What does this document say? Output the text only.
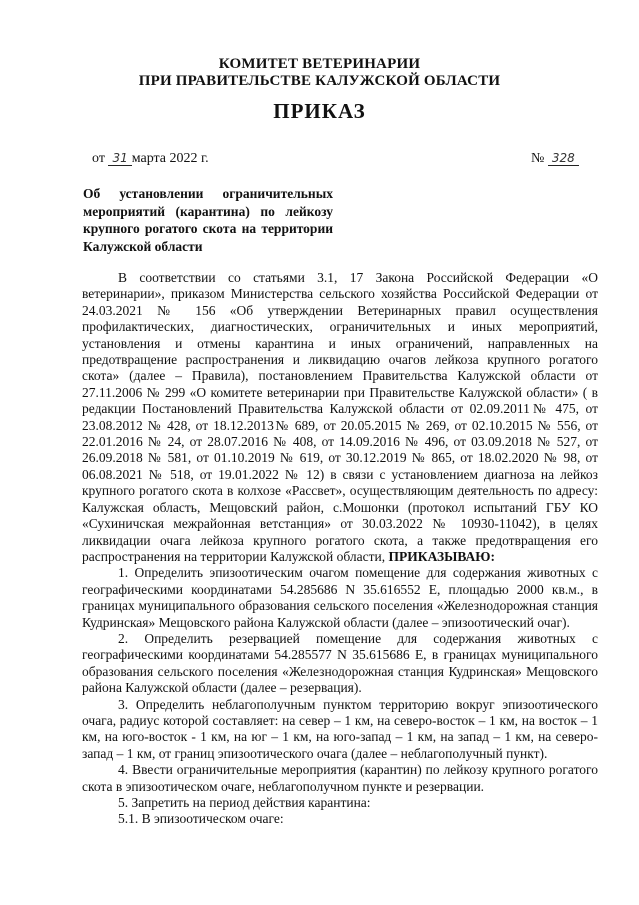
КОМИТЕТ ВЕТЕРИНАРИИ
ПРИ ПРАВИТЕЛЬСТВЕ КАЛУЖСКОЙ ОБЛАСТИ
ПРИКАЗ
от 31 марта 2022 г.	№ 328
Об установлении ограничительных мероприятий (карантина) по лейкозу крупного рогатого скота на территории Калужской области

В соответствии со статьями 3.1, 17 Закона Российской Федерации «О ветеринарии», приказом Министерства сельского хозяйства Российской Федерации от 24.03.2021 № 156 «Об утверждении Ветеринарных правил осуществления профилактических, диагностических, ограничительных и иных мероприятий, установления и отмены карантина и иных ограничений, направленных на предотвращение распространения и ликвидацию очагов лейкоза крупного рогатого скота» (далее – Правила), постановлением Правительства Калужской области от 27.11.2006 № 299 «О комитете ветеринарии при Правительстве Калужской области» ( в редакции Постановлений Правительства Калужской области от 02.09.2011№ 475, от 23.08.2012 № 428, от 18.12.2013№ 689, от 20.05.2015 № 269, от 02.10.2015 № 556, от 22.01.2016 № 24, от 28.07.2016 № 408, от 14.09.2016 № 496, от 03.09.2018 № 527, от 26.09.2018 № 581, от 01.10.2019 № 619, от 30.12.2019 № 865, от 18.02.2020 № 98, от 06.08.2021 № 518, от 19.01.2022 № 12) в связи с установлением диагноза на лейкоз крупного рогатого скота в колхозе «Рассвет», осуществляющим деятельность по адресу: Калужская область, Мещовский район, с.Мошонки (протокол испытаний ГБУ КО «Сухиничская межрайонная ветстанция» от 30.03.2022 № 10930-11042), в целях ликвидации очага лейкоза крупного рогатого скота, а также предотвращения его распространения на территории Калужской области, ПРИКАЗЫВАЮ:

1. Определить эпизоотическим очагом помещение для содержания животных с географическими координатами 54.285686 N 35.616552 E, площадью 2000 кв.м., в границах муниципального образования сельского поселения «Железнодорожная станция Кудринская» Мещовского района Калужской области (далее – эпизоотический очаг).

2. Определить резервацией помещение для содержания животных с географическими координатами 54.285577 N 35.615686 E, в границах муниципального образования сельского поселения «Железнодорожная станция Кудринская» Мещовского района Калужской области (далее – резервация).

3. Определить неблагополучным пунктом территорию вокруг эпизоотического очага, радиус которой составляет: на север – 1 км, на северо-восток – 1 км, на восток – 1 км, на юго-восток - 1 км, на юг – 1 км, на юго-запад – 1 км, на запад – 1 км, на северо-запад – 1 км, от границ эпизоотического очага (далее – неблагополучный пункт).

4. Ввести ограничительные мероприятия (карантин) по лейкозу крупного рогатого скота в эпизоотическом очаге, неблагополучном пункте и резервации.

5. Запретить на период действия карантина:

5.1. В эпизоотическом очаге:
